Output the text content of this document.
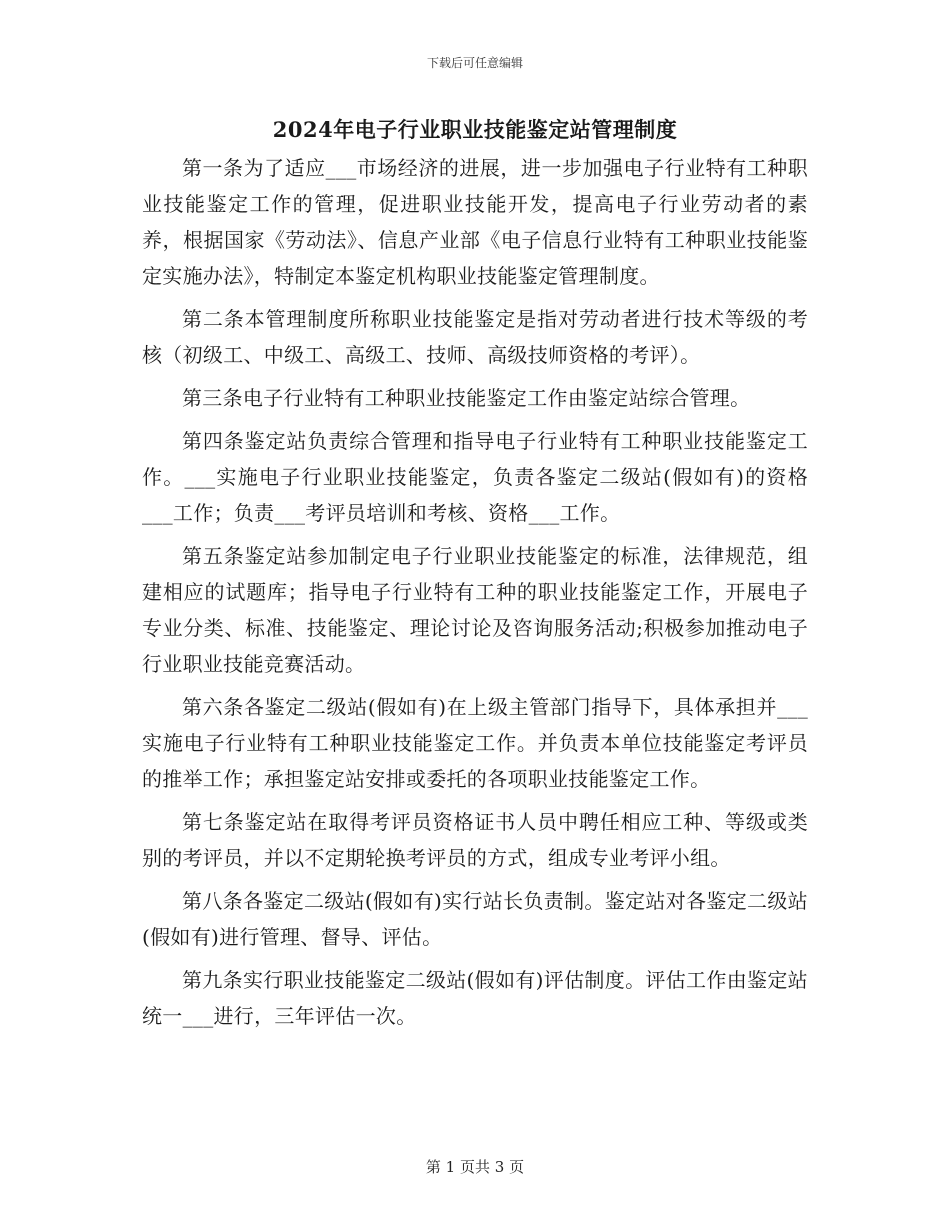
下载后可任意编辑
2024年电子行业职业技能鉴定站管理制度

第一条为了适应___市场经济的进展，进一步加强电子行业特有工种职业技能鉴定工作的管理，促进职业技能开发，提高电子行业劳动者的素养，根据国家《劳动法》、信息产业部《电子信息行业特有工种职业技能鉴定实施办法》，特制定本鉴定机构职业技能鉴定管理制度。

第二条本管理制度所称职业技能鉴定是指对劳动者进行技术等级的考核（初级工、中级工、高级工、技师、高级技师资格的考评）。

第三条电子行业特有工种职业技能鉴定工作由鉴定站综合管理。

第四条鉴定站负责综合管理和指导电子行业特有工种职业技能鉴定工作。___实施电子行业职业技能鉴定，负责各鉴定二级站(假如有)的资格___工作；负责___考评员培训和考核、资格___工作。

第五条鉴定站参加制定电子行业职业技能鉴定的标准，法律规范，组建相应的试题库；指导电子行业特有工种的职业技能鉴定工作，开展电子专业分类、标准、技能鉴定、理论讨论及咨询服务活动;积极参加推动电子行业职业技能竞赛活动。

第六条各鉴定二级站(假如有)在上级主管部门指导下，具体承担并___实施电子行业特有工种职业技能鉴定工作。并负责本单位技能鉴定考评员的推举工作；承担鉴定站安排或委托的各项职业技能鉴定工作。

第七条鉴定站在取得考评员资格证书人员中聘任相应工种、等级或类别的考评员，并以不定期轮换考评员的方式，组成专业考评小组。

第八条各鉴定二级站(假如有)实行站长负责制。鉴定站对各鉴定二级站(假如有)进行管理、督导、评估。

第九条实行职业技能鉴定二级站(假如有)评估制度。评估工作由鉴定站统一___进行，三年评估一次。

第 1 页共 3 页
